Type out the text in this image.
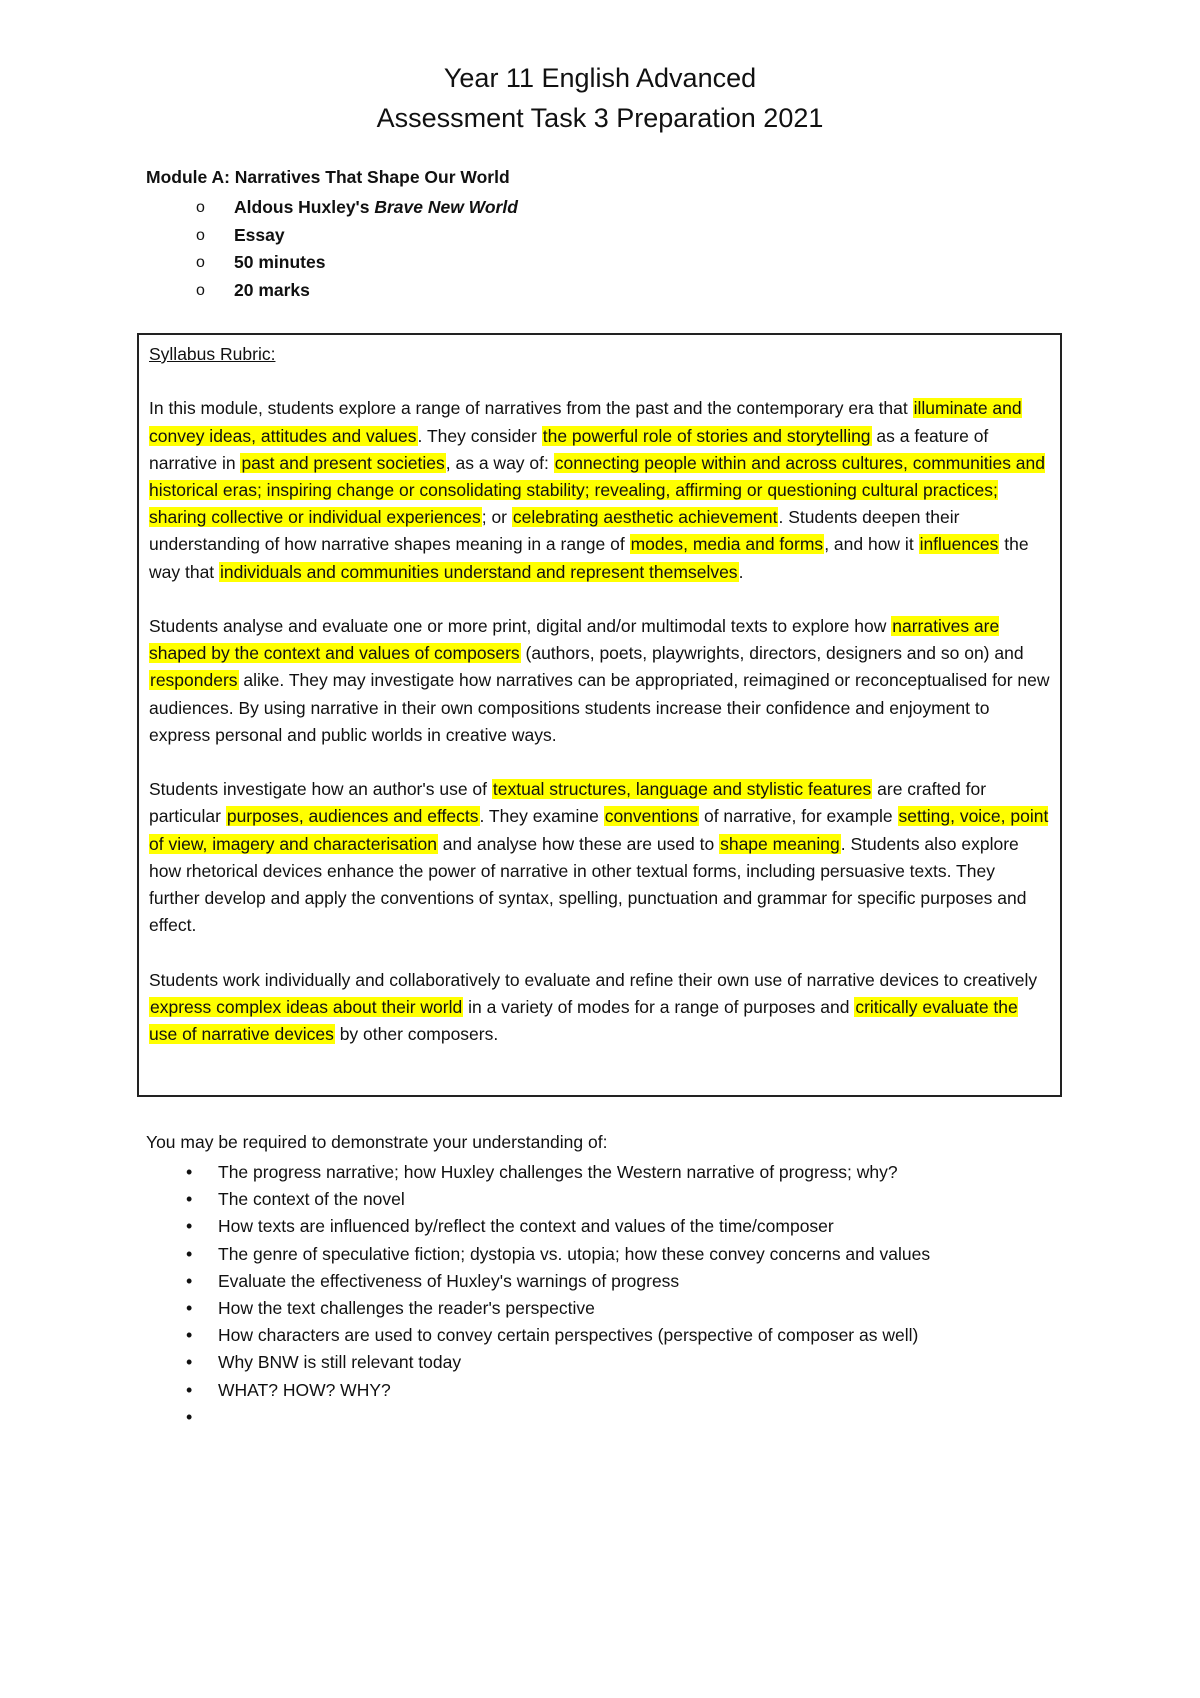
Year 11 English Advanced
Assessment Task 3 Preparation 2021
Module A: Narratives That Shape Our World
o Aldous Huxley's Brave New World
o Essay
o 50 minutes
o 20 marks

Syllabus Rubric:

In this module, students explore a range of narratives from the past and the contemporary era that illuminate and convey ideas, attitudes and values. They consider the powerful role of stories and storytelling as a feature of narrative in past and present societies, as a way of: connecting people within and across cultures, communities and historical eras; inspiring change or consolidating stability; revealing, affirming or questioning cultural practices; sharing collective or individual experiences; or celebrating aesthetic achievement. Students deepen their understanding of how narrative shapes meaning in a range of modes, media and forms, and how it influences the way that individuals and communities understand and represent themselves.

Students analyse and evaluate one or more print, digital and/or multimodal texts to explore how narratives are shaped by the context and values of composers (authors, poets, playwrights, directors, designers and so on) and responders alike. They may investigate how narratives can be appropriated, reimagined or reconceptualised for new audiences. By using narrative in their own compositions students increase their confidence and enjoyment to express personal and public worlds in creative ways.

Students investigate how an author's use of textual structures, language and stylistic features are crafted for particular purposes, audiences and effects. They examine conventions of narrative, for example setting, voice, point of view, imagery and characterisation and analyse how these are used to shape meaning. Students also explore how rhetorical devices enhance the power of narrative in other textual forms, including persuasive texts. They further develop and apply the conventions of syntax, spelling, punctuation and grammar for specific purposes and effect.

Students work individually and collaboratively to evaluate and refine their own use of narrative devices to creatively express complex ideas about their world in a variety of modes for a range of purposes and critically evaluate the use of narrative devices by other composers.

You may be required to demonstrate your understanding of:
• The progress narrative; how Huxley challenges the Western narrative of progress; why?
• The context of the novel
• How texts are influenced by/reflect the context and values of the time/composer
• The genre of speculative fiction; dystopia vs. utopia; how these convey concerns and values
• Evaluate the effectiveness of Huxley's warnings of progress
• How the text challenges the reader's perspective
• How characters are used to convey certain perspectives (perspective of composer as well)
• Why BNW is still relevant today
• WHAT? HOW? WHY?
•
